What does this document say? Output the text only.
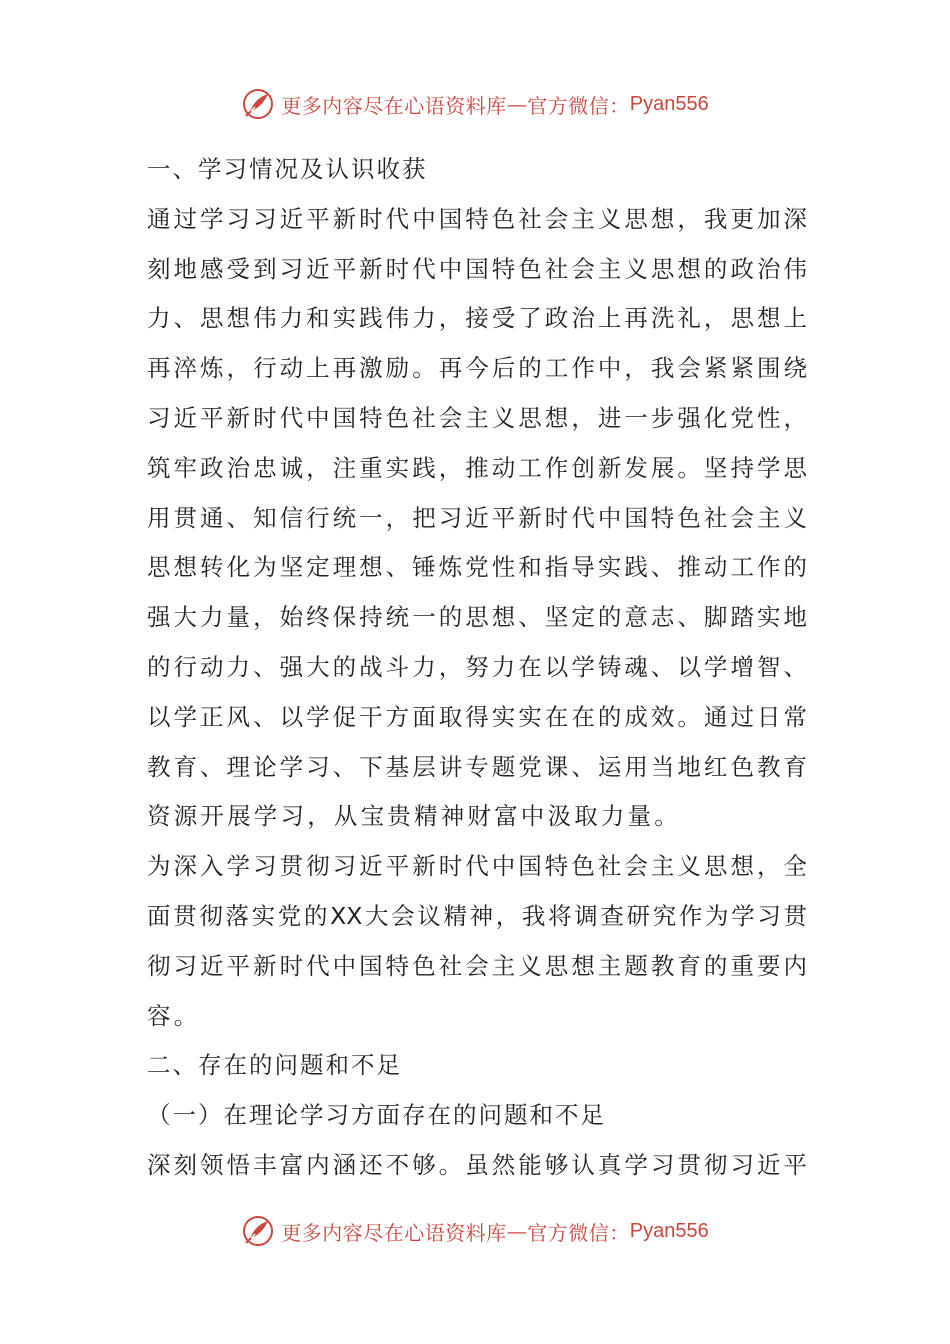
更多内容尽在心语资料库 — 官方微信： Pyan556
一、学习情况及认识收获
通过学习习近平新时代中国特色社会主义思想，我更加深
刻地感受到习近平新时代中国特色社会主义思想的政治伟
力、思想伟力和实践伟力，接受了政治上再洗礼，思想上
再淬炼，行动上再激励。再今后的工作中，我会紧紧围绕
习近平新时代中国特色社会主义思想，进一步强化党性，
筑牢政治忠诚，注重实践，推动工作创新发展。坚持学思
用贯通、知信行统一，把习近平新时代中国特色社会主义
思想转化为坚定理想、锤炼党性和指导实践、推动工作的
强大力量，始终保持统一的思想、坚定的意志、脚踏实地
的行动力、强大的战斗力，努力在以学铸魂、以学增智、
以学正风、以学促干方面取得实实在在的成效。通过日常
教育、理论学习、下基层讲专题党课、运用当地红色教育
资源开展学习，从宝贵精神财富中汲取力量。
为深入学习贯彻习近平新时代中国特色社会主义思想，全
面贯彻落实党的XX大会议精神，我将调查研究作为学习贯
彻习近平新时代中国特色社会主义思想主题教育的重要内
容。
二、存在的问题和不足
（一）在理论学习方面存在的问题和不足
深刻领悟丰富内涵还不够。虽然能够认真学习贯彻习近平
更多内容尽在心语资料库 — 官方微信： Pyan556
